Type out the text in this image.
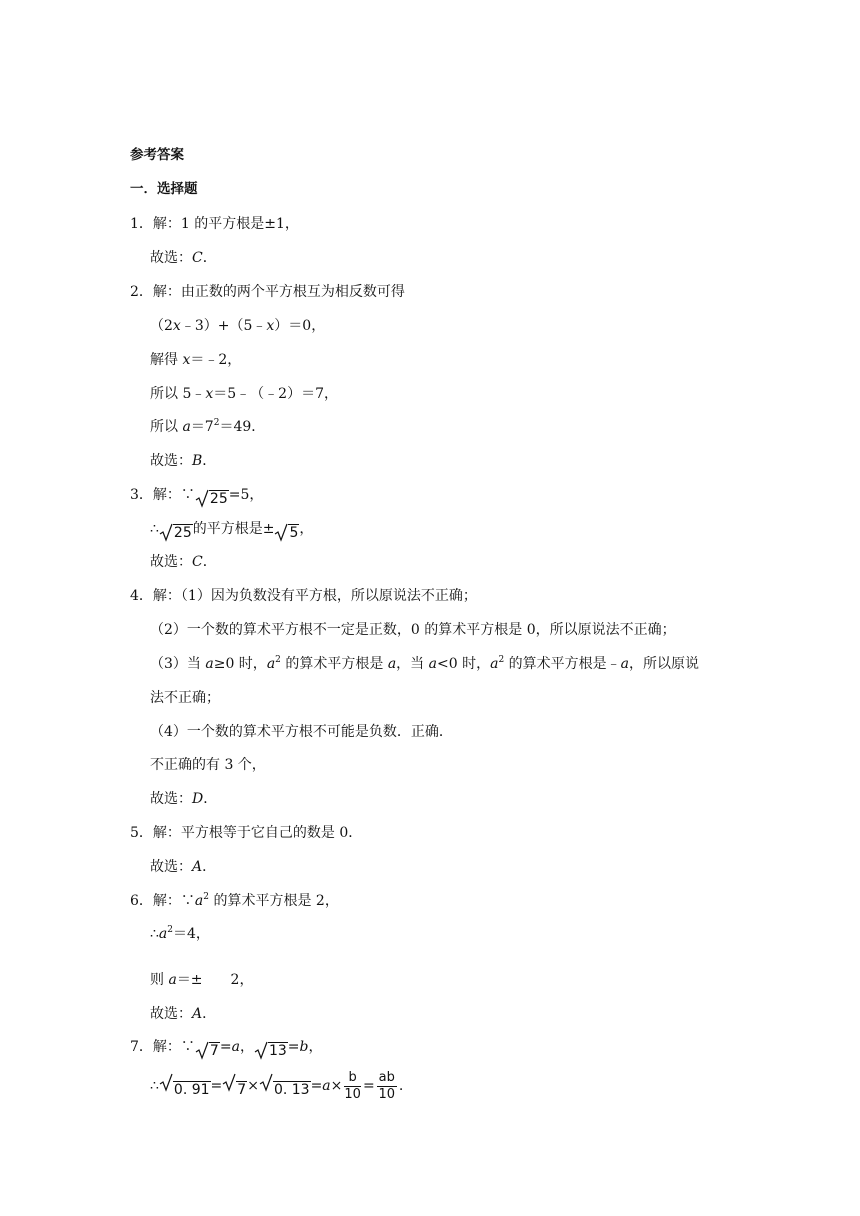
参考答案
一．选择题
1．解：1 的平方根是±1，
故选：C．
2．解：由正数的两个平方根互为相反数可得
（2x﹣3）+（5﹣x）＝0，
解得 x＝﹣2，
所以 5﹣x＝5﹣（﹣2）＝7，
所以 $a=7^2=49$．
故选：B．
3．解：∵ 25=5，
∴ 25的平方根是± 5，
故选：C．
4．解：（1）因为负数没有平方根，所以原说法不正确；
（2）一个数的算术平方根不一定是正数，0 的算术平方根是 0，所以原说法不正确；
（3）当 a≥0 时，$a^2$ 的算术平方根是 a，当 a<0 时，$a^2$ 的算术平方根是﹣a，所以原说
法不正确；
（4）一个数的算术平方根不可能是负数．正确．
不正确的有 3 个，
故选：D．
5．解：平方根等于它自己的数是 0．
故选：A．
6．解：$\because a^2$ 的算术平方根是 2，
$\therefore a^2=4$，
则 a＝± 2，
故选：A．
7．解：∵ 7=a， 13=b，
∴ 0. 91= 7× 0. $13=a\times \frac{b}{10} = \frac{ab}{10}$ .
